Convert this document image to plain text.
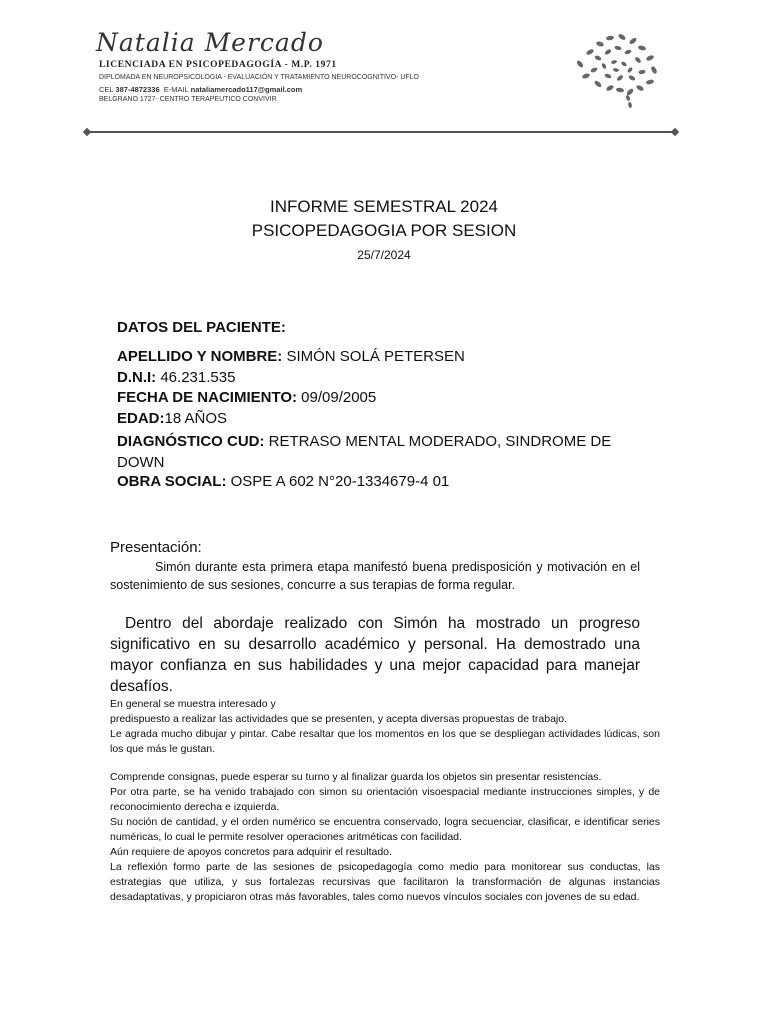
Natalia Mercado
LICENCIADA EN PSICOPEDAGOGÍA - M.P. 1971
DIPLOMADA EN NEUROPSICOLOGIA - EVALUACIÓN Y TRATAMIENTO NEUROCOGNITIVO- UFLO
CEL 387-4872336 E-MAIL nataliamercado117@gmail.com
BELGRANO 1727- CENTRO TERAPEUTICO CONVIVIR
INFORME SEMESTRAL 2024
PSICOPEDAGOGIA POR SESION
25/7/2024
DATOS DEL PACIENTE:
APELLIDO Y NOMBRE: SIMÓN SOLÁ PETERSEN
D.N.I: 46.231.535
FECHA DE NACIMIENTO: 09/09/2005
EDAD:18 AÑOS
DIAGNÓSTICO CUD: RETRASO MENTAL MODERADO, SINDROME DE DOWN
OBRA SOCIAL: OSPE A 602 N°20-1334679-4 01
Presentación:
Simón durante esta primera etapa manifestó buena predisposición y motivación en el sostenimiento de sus sesiones, concurre a sus terapias de forma regular.
Dentro del abordaje realizado con Simón ha mostrado un progreso significativo en su desarrollo académico y personal. Ha demostrado una mayor confianza en sus habilidades y una mejor capacidad para manejar desafíos.
En general se muestra interesado y
predispuesto a realizar las actividades que se presenten, y acepta diversas propuestas de trabajo.
Le agrada mucho dibujar y pintar. Cabe resaltar que los momentos en los que se despliegan actividades lúdicas, son los que más le gustan.
Comprende consignas, puede esperar su turno y al finalizar guarda los objetos sin presentar resistencias.
Por otra parte, se ha venido trabajado con simon su orientación visoespacial mediante instrucciones simples, y de reconocimiento derecha e izquierda.
Su noción de cantidad, y el orden numérico se encuentra conservado, logra secuenciar, clasificar, e identificar series numéricas, lo cual le permite resolver operaciones aritméticas con facilidad.
Aún requiere de apoyos concretos para adquirir el resultado.
La reflexión formo parte de las sesiones de psicopedagogía como medio para monitorear sus conductas, las estrategias que utiliza, y sus fortalezas recursivas que facilitaron la transformación de algunas instancias desadaptativas, y propiciaron otras más favorables, tales como nuevos vínculos sociales con jovenes de su edad.
